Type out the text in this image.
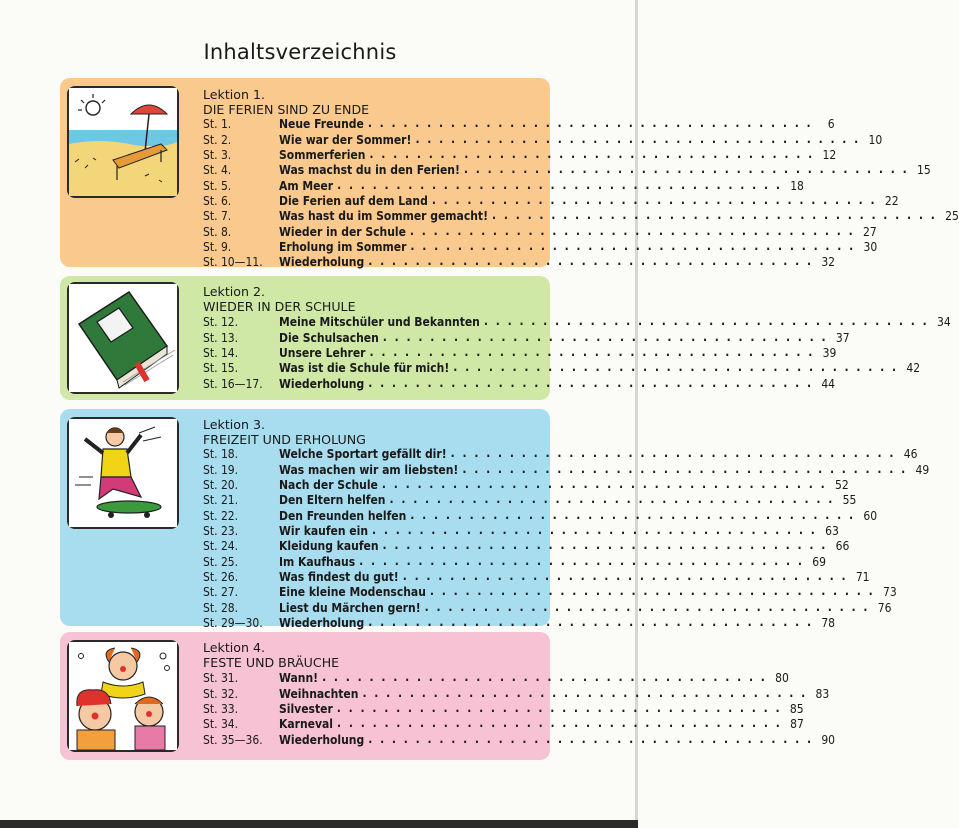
Inhaltsverzeichnis
Lektion 1.
DIE FERIEN SIND ZU ENDE
St. 1.	Neue Freunde . . . . . . . . . . . . . . . . . . . . . . . . . . . . . . . . . . . . . .	6
St. 2.	Wie war der Sommer! . . . . . . . . . . . . . . . . . . . . . . . . . . . . . . . . . . . . . . 10
St. 3.	Sommerferien . . . . . . . . . . . . . . . . . . . . . . . . . . . . . . . . . . . . . . 12
St. 4.	Was machst du in den Ferien! . . . . . . . . . . . . . . . . . . . . . . . . . . . . . . . . . . . . . . 15
St. 5.	Am Meer . . . . . . . . . . . . . . . . . . . . . . . . . . . . . . . . . . . . . . 18
St. 6.	Die Ferien auf dem Land . . . . . . . . . . . . . . . . . . . . . . . . . . . . . . . . . . . . . . 22
St. 7.	Was hast du im Sommer gemacht! . . . . . . . . . . . . . . . . . . . . . . . . . . . . . . . . . . . . . . 25
St. 8.	Wieder in der Schule . . . . . . . . . . . . . . . . . . . . . . . . . . . . . . . . . . . . . . 27
St. 9.	Erholung im Sommer . . . . . . . . . . . . . . . . . . . . . . . . . . . . . . . . . . . . . . 30
St. 10—11.	Wiederholung . . . . . . . . . . . . . . . . . . . . . . . . . . . . . . . . . . . . . . 32
Lektion 2.
WIEDER IN DER SCHULE
St. 12.	Meine Mitschüler und Bekannten . . . . . . . . . . . . . . . . . . . . . . . . . . . . . . . . . . . . . . 34
St. 13.	Die Schulsachen . . . . . . . . . . . . . . . . . . . . . . . . . . . . . . . . . . . . . . 37
St. 14.	Unsere Lehrer . . . . . . . . . . . . . . . . . . . . . . . . . . . . . . . . . . . . . . 39
St. 15.	Was ist die Schule für mich! . . . . . . . . . . . . . . . . . . . . . . . . . . . . . . . . . . . . . . 42
St. 16—17.	Wiederholung . . . . . . . . . . . . . . . . . . . . . . . . . . . . . . . . . . . . . . 44
Lektion 3.
FREIZEIT UND ERHOLUNG
St. 18.	Welche Sportart gefällt dir! . . . . . . . . . . . . . . . . . . . . . . . . . . . . . . . . . . . . . . 46
St. 19.	Was machen wir am liebsten! . . . . . . . . . . . . . . . . . . . . . . . . . . . . . . . . . . . . . . 49
St. 20.	Nach der Schule . . . . . . . . . . . . . . . . . . . . . . . . . . . . . . . . . . . . . . 52
St. 21.	Den Eltern helfen . . . . . . . . . . . . . . . . . . . . . . . . . . . . . . . . . . . . . . 55
St. 22.	Den Freunden helfen . . . . . . . . . . . . . . . . . . . . . . . . . . . . . . . . . . . . . . 60
St. 23.	Wir kaufen ein . . . . . . . . . . . . . . . . . . . . . . . . . . . . . . . . . . . . . . 63
St. 24.	Kleidung kaufen . . . . . . . . . . . . . . . . . . . . . . . . . . . . . . . . . . . . . . 66
St. 25.	Im Kaufhaus . . . . . . . . . . . . . . . . . . . . . . . . . . . . . . . . . . . . . . 69
St. 26.	Was findest du gut! . . . . . . . . . . . . . . . . . . . . . . . . . . . . . . . . . . . . . . 71
St. 27.	Eine kleine Modenschau . . . . . . . . . . . . . . . . . . . . . . . . . . . . . . . . . . . . . . 73
St. 28.	Liest du Märchen gern! . . . . . . . . . . . . . . . . . . . . . . . . . . . . . . . . . . . . . . 76
St. 29—30.	Wiederholung . . . . . . . . . . . . . . . . . . . . . . . . . . . . . . . . . . . . . . 78
Lektion 4.
FESTE UND BRÄUCHE
St. 31.	Wann! . . . . . . . . . . . . . . . . . . . . . . . . . . . . . . . . . . . . . . 80
St. 32.	Weihnachten . . . . . . . . . . . . . . . . . . . . . . . . . . . . . . . . . . . . . . 83
St. 33.	Silvester . . . . . . . . . . . . . . . . . . . . . . . . . . . . . . . . . . . . . . 85
St. 34.	Karneval . . . . . . . . . . . . . . . . . . . . . . . . . . . . . . . . . . . . . . 87
St. 35—36.	Wiederholung . . . . . . . . . . . . . . . . . . . . . . . . . . . . . . . . . . . . . . 90
